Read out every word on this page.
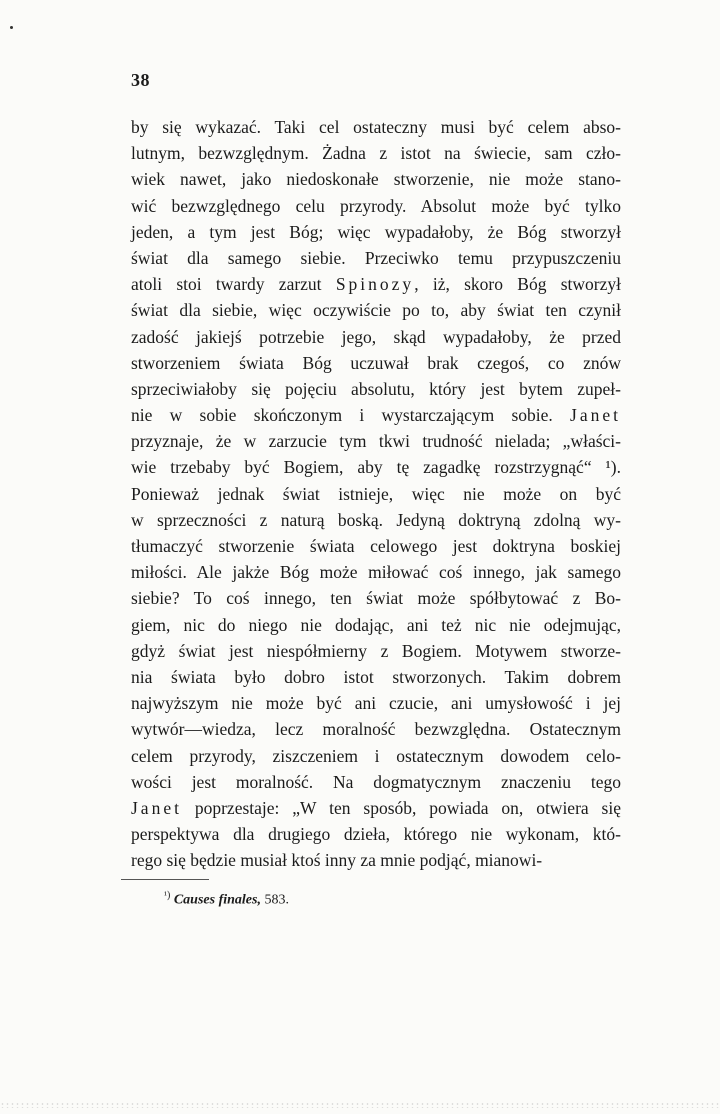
38
by się wykazać. Taki cel ostateczny musi być celem abso-
lutnym, bezwzględnym. Żadna z istot na świecie, sam czło-
wiek nawet, jako niedoskonałe stworzenie, nie może stano-
wić bezwzględnego celu przyrody. Absolut może być tylko
jeden, a tym jest Bóg; więc wypadałoby, że Bóg stworzył
świat dla samego siebie. Przeciwko temu przypuszczeniu
atoli stoi twardy zarzut Spinozy, iż, skoro Bóg stworzył
świat dla siebie, więc oczywiście po to, aby świat ten czynił
zadość jakiejś potrzebie jego, skąd wypadałoby, że przed
stworzeniem świata Bóg uczuwał brak czegoś, co znów
sprzeciwiałoby się pojęciu absolutu, który jest bytem zupeł-
nie w sobie skończonym i wystarczającym sobie. Janet
przyznaje, że w zarzucie tym tkwi trudność nielada; „właści-
wie trzebaby być Bogiem, aby tę zagadkę rozstrzygnąć“ ¹).
Ponieważ jednak świat istnieje, więc nie może on być
w sprzeczności z naturą boską. Jedyną doktryną zdolną wy-
tłumaczyć stworzenie świata celowego jest doktryna boskiej
miłości. Ale jakże Bóg może miłować coś innego, jak samego
siebie? To coś innego, ten świat może spółbytować z Bo-
giem, nic do niego nie dodając, ani też nic nie odejmując,
gdyż świat jest niespółmierny z Bogiem. Motywem stworze-
nia świata było dobro istot stworzonych. Takim dobrem
najwyższym nie może być ani czucie, ani umysłowość i jej
wytwór—wiedza, lecz moralność bezwzględna. Ostatecznym
celem przyrody, ziszczeniem i ostatecznym dowodem celo-
wości jest moralność. Na dogmatycznym znaczeniu tego
Janet poprzestaje: „W ten sposób, powiada on, otwiera się
perspektywa dla drugiego dzieła, którego nie wykonam, któ-
rego się będzie musiał ktoś inny za mnie podjąć, mianowi-
$^{^1)}$ Causes finales, 583.
